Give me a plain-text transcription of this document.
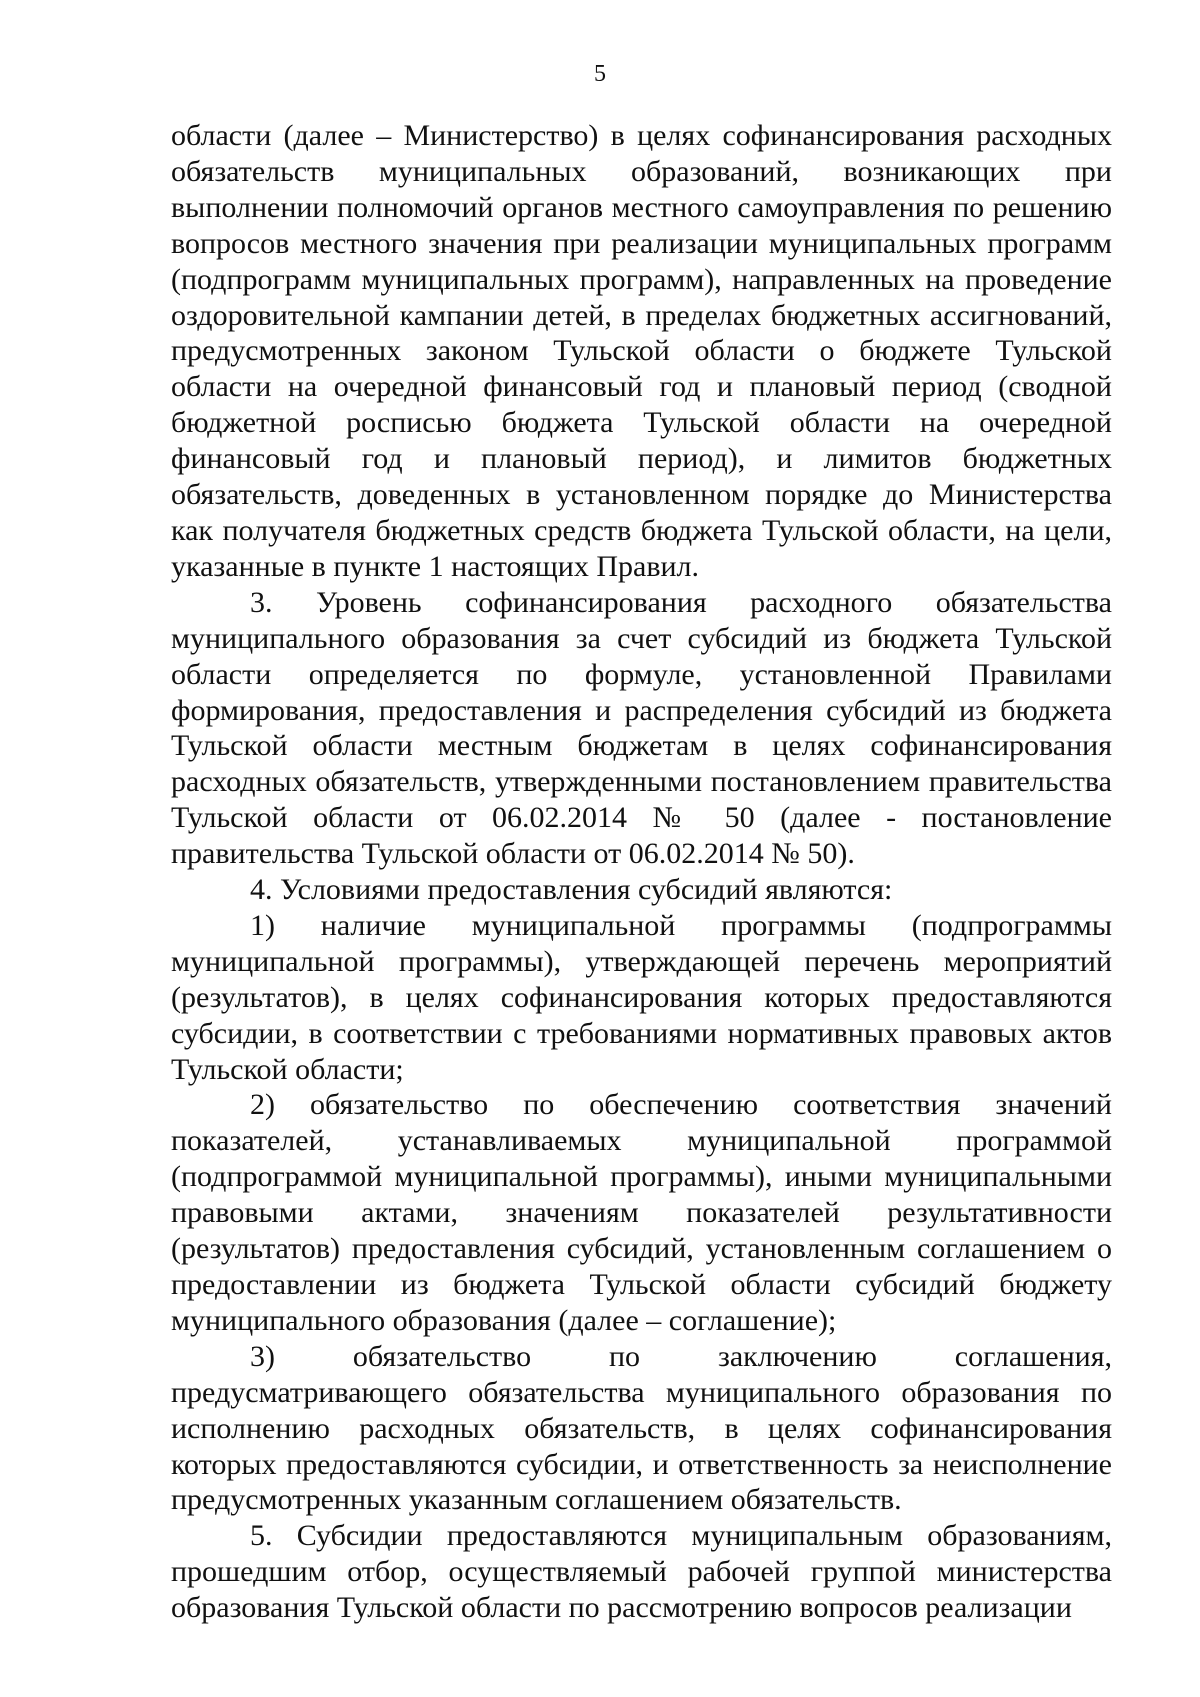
5

области (далее – Министерство) в целях софинансирования расходных обязательств муниципальных образований, возникающих при выполнении полномочий органов местного самоуправления по решению вопросов местного значения при реализации муниципальных программ (подпрограмм муниципальных программ), направленных на проведение оздоровительной кампании детей, в пределах бюджетных ассигнований, предусмотренных законом Тульской области о бюджете Тульской области на очередной финансовый год и плановый период (сводной бюджетной росписью бюджета Тульской области на очередной финансовый год и плановый период), и лимитов бюджетных обязательств, доведенных в установленном порядке до Министерства как получателя бюджетных средств бюджета Тульской области, на цели, указанные в пункте 1 настоящих Правил.

3. Уровень софинансирования расходного обязательства муниципального образования за счет субсидий из бюджета Тульской области определяется по формуле, установленной Правилами формирования, предоставления и распределения субсидий из бюджета Тульской области местным бюджетам в целях софинансирования расходных обязательств, утвержденными постановлением правительства Тульской области от 06.02.2014 № 50 (далее - постановление правительства Тульской области от 06.02.2014 № 50).

4. Условиями предоставления субсидий являются:

1) наличие муниципальной программы (подпрограммы муниципальной программы), утверждающей перечень мероприятий (результатов), в целях софинансирования которых предоставляются субсидии, в соответствии с требованиями нормативных правовых актов Тульской области;

2) обязательство по обеспечению соответствия значений показателей, устанавливаемых муниципальной программой (подпрограммой муниципальной программы), иными муниципальными правовыми актами, значениям показателей результативности (результатов) предоставления субсидий, установленным соглашением о предоставлении из бюджета Тульской области субсидий бюджету муниципального образования (далее – соглашение);

3) обязательство по заключению соглашения, предусматривающего обязательства муниципального образования по исполнению расходных обязательств, в целях софинансирования которых предоставляются субсидии, и ответственность за неисполнение предусмотренных указанным соглашением обязательств.

5. Субсидии предоставляются муниципальным образованиям, прошедшим отбор, осуществляемый рабочей группой министерства образования Тульской области по рассмотрению вопросов реализации
